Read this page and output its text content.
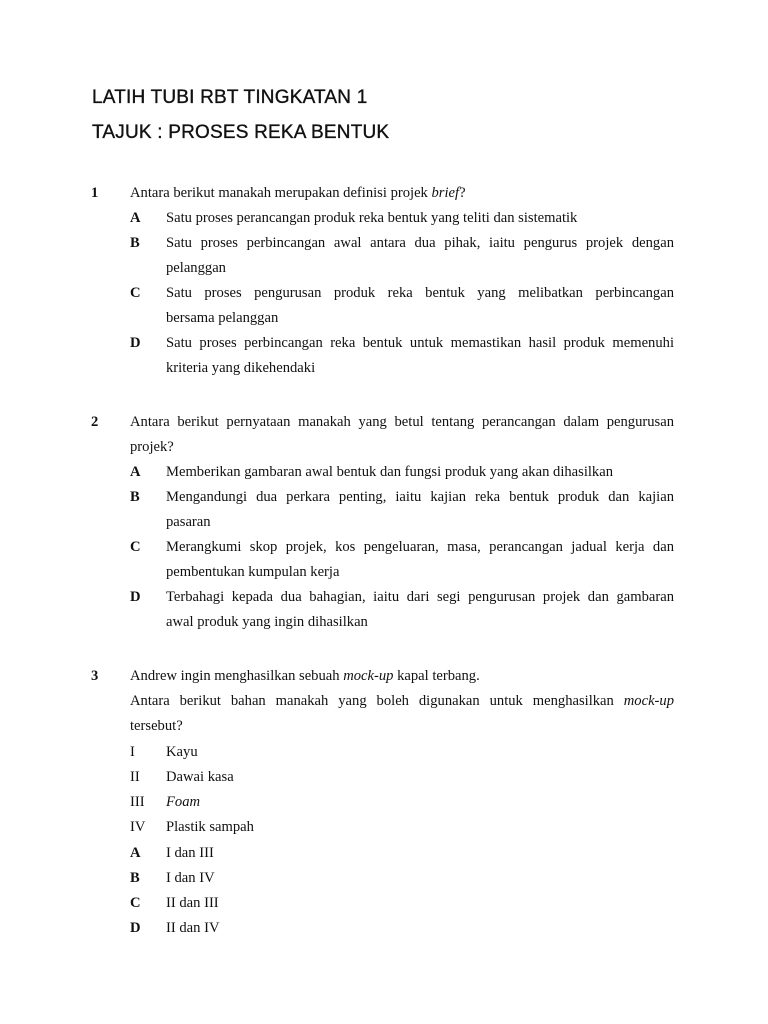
LATIH TUBI RBT TINGKATAN 1
TAJUK : PROSES REKA BENTUK
1 Antara berikut manakah merupakan definisi projek brief?
A Satu proses perancangan produk reka bentuk yang teliti dan sistematik
B Satu proses perbincangan awal antara dua pihak, iaitu pengurus projek dengan
pelanggan
C Satu proses pengurusan produk reka bentuk yang melibatkan perbincangan
bersama pelanggan
D Satu proses perbincangan reka bentuk untuk memastikan hasil produk memenuhi
kriteria yang dikehendaki
2 Antara berikut pernyataan manakah yang betul tentang perancangan dalam pengurusan
projek?
A Memberikan gambaran awal bentuk dan fungsi produk yang akan dihasilkan
B Mengandungi dua perkara penting, iaitu kajian reka bentuk produk dan kajian
pasaran
C Merangkumi skop projek, kos pengeluaran, masa, perancangan jadual kerja dan
pembentukan kumpulan kerja
D Terbahagi kepada dua bahagian, iaitu dari segi pengurusan projek dan gambaran
awal produk yang ingin dihasilkan
3 Andrew ingin menghasilkan sebuah mock-up kapal terbang.
Antara berikut bahan manakah yang boleh digunakan untuk menghasilkan mock-up
tersebut?
I Kayu
II Dawai kasa
III Foam
IV Plastik sampah
A I dan III
B I dan IV
C II dan III
D II dan IV
